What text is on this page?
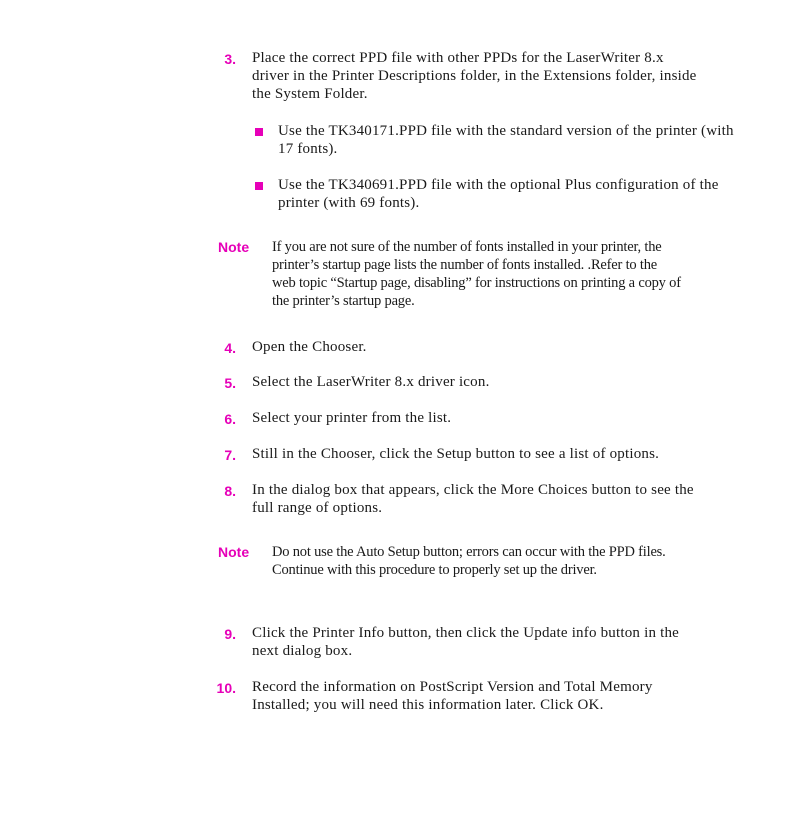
3. Place the correct PPD file with other PPDs for the LaserWriter 8.x driver in the Printer Descriptions folder, in the Extensions folder, inside the System Folder.
Use the TK340171.PPD file with the standard version of the printer (with 17 fonts).
Use the TK340691.PPD file with the optional Plus configuration of the printer (with 69 fonts).
Note If you are not sure of the number of fonts installed in your printer, the printer’s startup page lists the number of fonts installed. .Refer to the web topic “Startup page, disabling” for instructions on printing a copy of the printer’s startup page.
4. Open the Chooser.
5. Select the LaserWriter 8.x driver icon.
6. Select your printer from the list.
7. Still in the Chooser, click the Setup button to see a list of options.
8. In the dialog box that appears, click the More Choices button to see the full range of options.
Note Do not use the Auto Setup button; errors can occur with the PPD files. Continue with this procedure to properly set up the driver.
9. Click the Printer Info button, then click the Update info button in the next dialog box.
10. Record the information on PostScript Version and Total Memory Installed; you will need this information later. Click OK.
